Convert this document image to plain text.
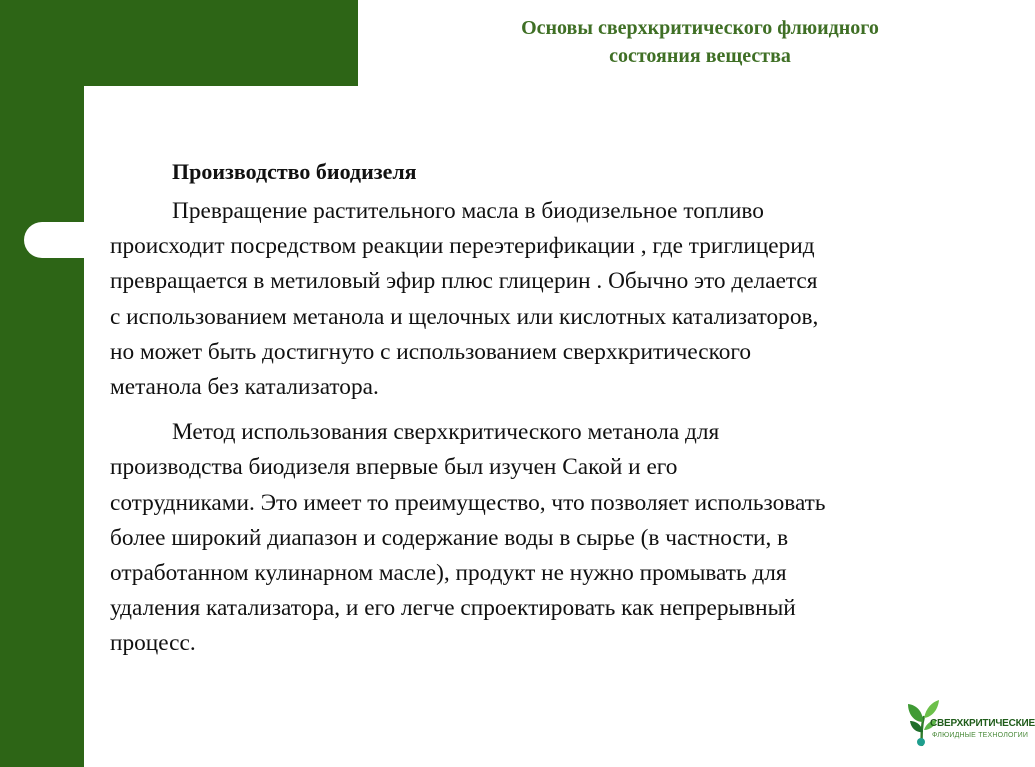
Основы сверхкритического флюидного
состояния вещества
Производство биодизеля

Превращение растительного масла в биодизельное топливо
происходит посредством реакции переэтерификации , где триглицерид
превращается в метиловый эфир плюс глицерин . Обычно это делается
с использованием метанола и щелочных или кислотных катализаторов,
но может быть достигнуто с использованием сверхкритического
метанола без катализатора.

Метод использования сверхкритического метанола для
производства биодизеля впервые был изучен Сакой и его
сотрудниками. Это имеет то преимущество, что позволяет использовать
более широкий диапазон и содержание воды в сырье (в частности, в
отработанном кулинарном масле), продукт не нужно промывать для
удаления катализатора, и его легче спроектировать как непрерывный
процесс.

СВЕРХКРИТИЧЕСКИЕ
ФЛЮИДНЫЕ ТЕХНОЛОГИИ
